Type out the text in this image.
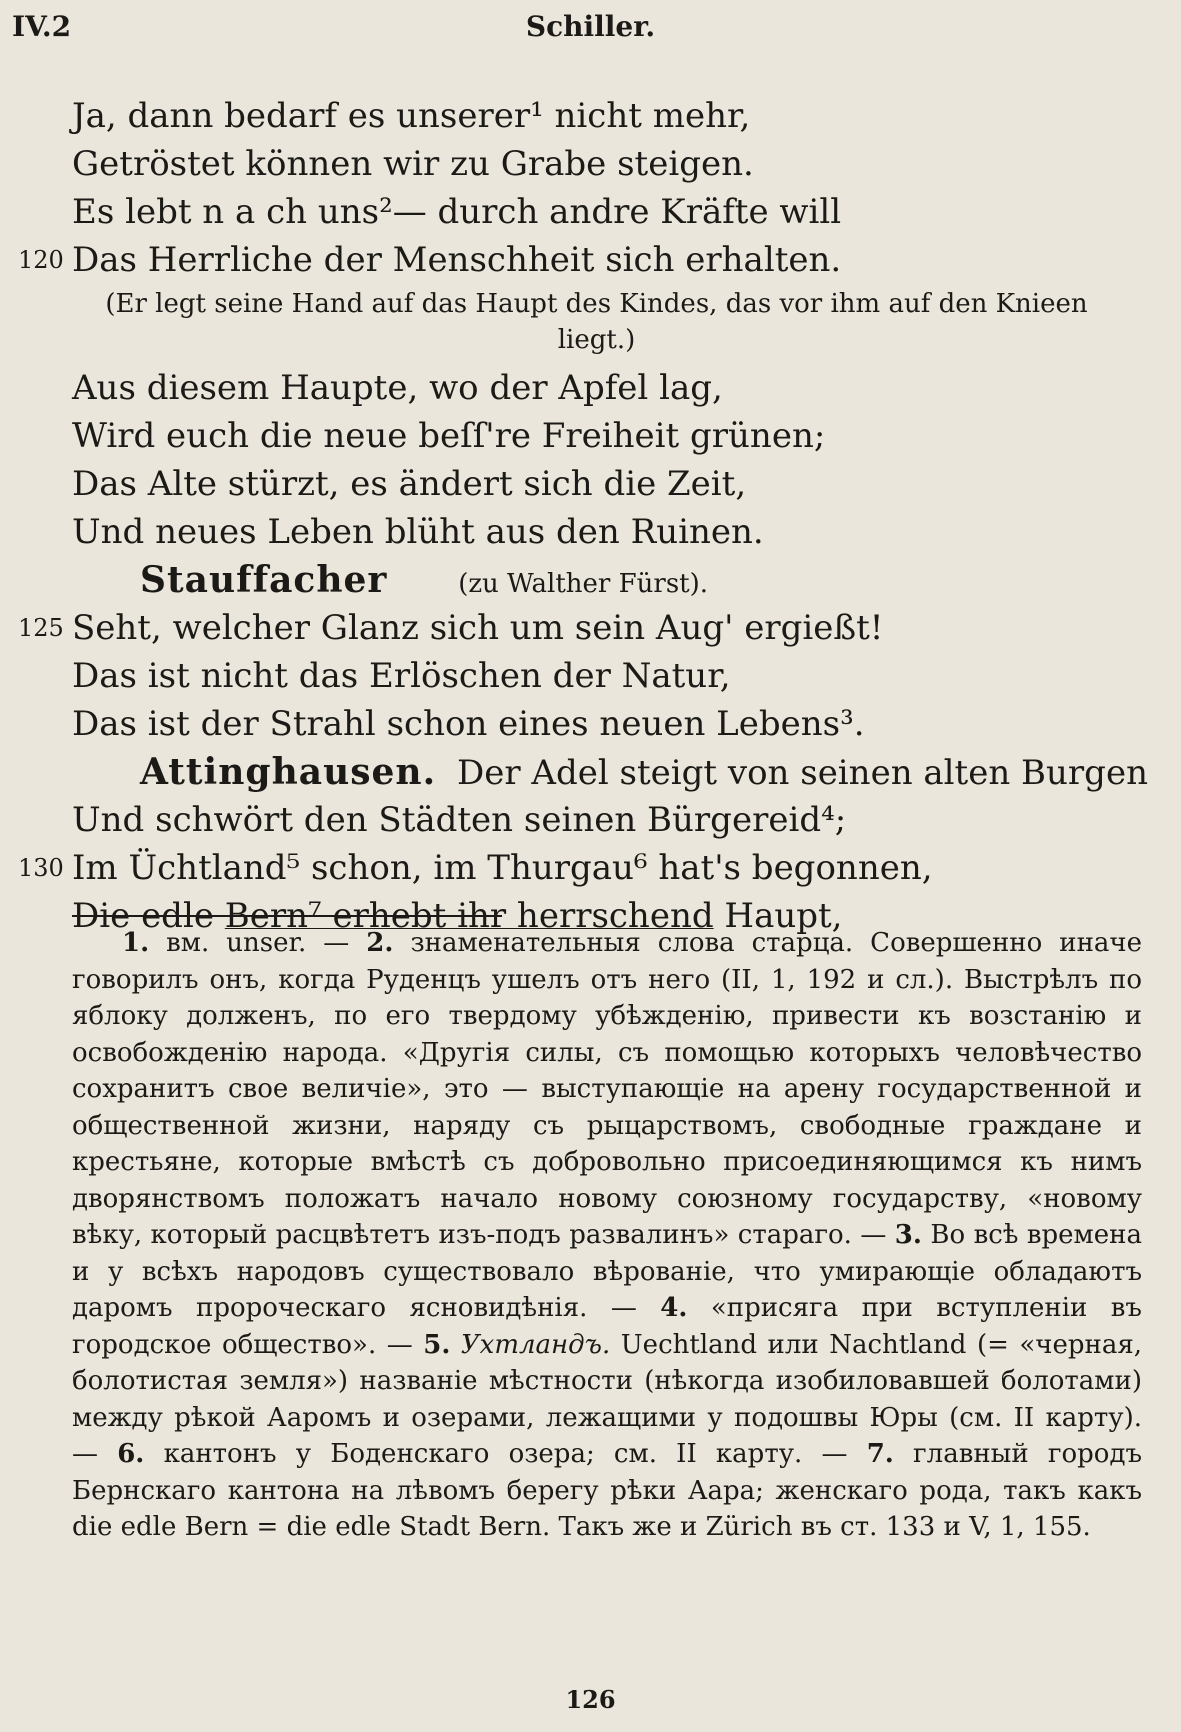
IV.2	Schiller.
Ja, dann bedarf es unserer¹ nicht mehr,
Getröstet können wir zu Grabe steigen.
Es lebt n a ch uns²— durch andre Kräfte will
120 Das Herrliche der Menschheit sich erhalten.
(Er legt seine Hand auf das Haupt des Kindes, das vor ihm auf den Knieen liegt.)
Aus diesem Haupte, wo der Apfel lag,
Wird euch die neue beſſ're Freiheit grünen;
Das Alte stürzt, es ändert sich die Zeit,
Und neues Leben blüht aus den Ruinen.
Stauffacher	(zu Walther Fürst).
125 Seht, welcher Glanz sich um sein Aug' ergießt!
Das ist nicht das Erlöschen der Natur,
Das ist der Strahl schon eines neuen Lebens³.
Attinghausen. Der Adel steigt von seinen alten Burgen
Und schwört den Städten seinen Bürgereid⁴;
130 Im Üchtland⁵ schon, im Thurgau⁶ hat's begonnen,
Die edle Bern⁷ erhebt ihr herrschend Haupt,
1. вм. unser. — 2. знаменательныя слова старца. Совершенно иначе говорилъ онъ, когда Руденцъ ушелъ отъ него (II, 1, 192 и сл.). Выстрѣлъ по яблоку долженъ, по его твердому убѣжденію, привести къ возстанію и освобожденію народа. «Другія силы, съ помощью которыхъ человѣчество сохранитъ свое величіе», это — выступающіе на арену государственной и общественной жизни, наряду съ рыцарствомъ, свободные граждане и крестьяне, которые вмѣстѣ съ добровольно присоединяющимся къ нимъ дворянствомъ положатъ начало новому союзному государству, «новому вѣку, который расцвѣтетъ изъ-подъ развалинъ» стараго. — 3. Во всѣ времена и у всѣхъ народовъ существовало вѣрованіе, что умирающіе обладаютъ даромъ пророческаго ясновидѣнія. — 4. «присяга при вступленіи въ городское общество». — 5. Ухтландъ. Uechtland или Nachtland (= «черная, болотистая земля») названіе мѣстности (нѣкогда изобиловавшей болотами) между рѣкой Ааромъ и озерами, лежащими у подошвы Юры (см. II карту). — 6. кантонъ у Боденскаго озера; см. II карту. — 7. главный городъ Бернскаго кантона на лѣвомъ берегу рѣки Аара; женскаго рода, такъ какъ die edle Bern = die edle Stadt Bern. Такъ же и Zürich въ ст. 133 и V, 1, 155.
126
